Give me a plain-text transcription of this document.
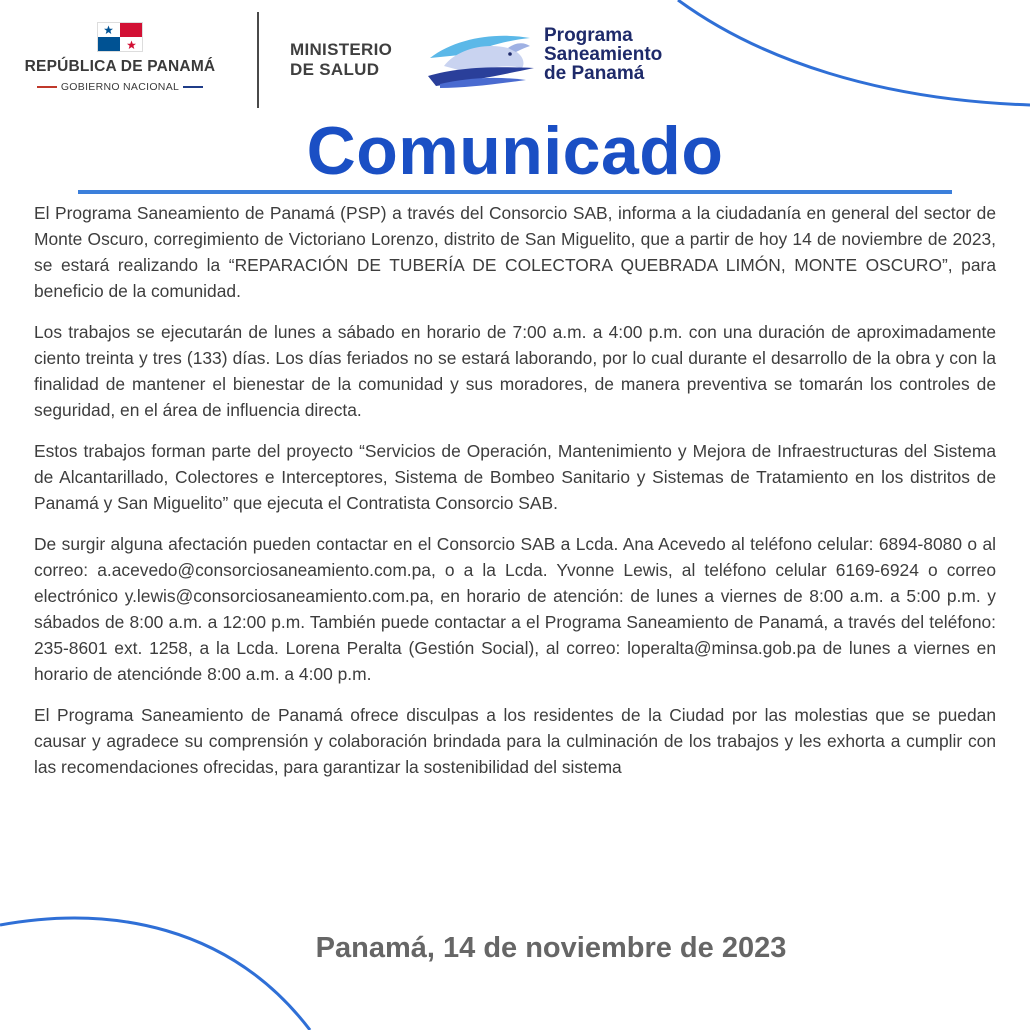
REPÚBLICA DE PANAMÁ
GOBIERNO NACIONAL
MINISTERIO
DE SALUD
Programa
Saneamiento
de Panamá
Comunicado

El Programa Saneamiento de Panamá (PSP) a través del Consorcio SAB, informa a la ciudadanía en general del sector de Monte Oscuro, corregimiento de Victoriano Lorenzo, distrito de San Miguelito, que a partir de hoy 14 de noviembre de 2023, se estará realizando la “REPARACIÓN DE TUBERÍA DE COLECTORA QUEBRADA LIMÓN, MONTE OSCURO”, para beneficio de la comunidad.

Los trabajos se ejecutarán de lunes a sábado en horario de 7:00 a.m. a 4:00 p.m. con una duración de aproximadamente ciento treinta y tres (133) días. Los días feriados no se estará laborando, por lo cual durante el desarrollo de la obra y con la finalidad de mantener el bienestar de la comunidad y sus moradores, de manera preventiva se tomarán los controles de seguridad, en el área de influencia directa.

Estos trabajos forman parte del proyecto “Servicios de Operación, Mantenimiento y Mejora de Infraestructuras del Sistema de Alcantarillado, Colectores e Interceptores, Sistema de Bombeo Sanitario y Sistemas de Tratamiento en los distritos de Panamá y San Miguelito” que ejecuta el Contratista Consorcio SAB.

De surgir alguna afectación pueden contactar en el Consorcio SAB a Lcda. Ana Acevedo al teléfono celular: 6894-8080 o al correo: a.acevedo@consorciosaneamiento.com.pa, o a la Lcda. Yvonne Lewis, al teléfono celular 6169-6924 o correo electrónico y.lewis@consorciosaneamiento.com.pa, en horario de atención: de lunes a viernes de 8:00 a.m. a 5:00 p.m. y sábados de 8:00 a.m. a 12:00 p.m. También puede contactar a el Programa Saneamiento de Panamá, a través del teléfono: 235-8601 ext. 1258, a la Lcda. Lorena Peralta (Gestión Social), al correo: loperalta@minsa.gob.pa de lunes a viernes en horario de atencióndе 8:00 a.m. a 4:00 p.m.

El Programa Saneamiento de Panamá ofrece disculpas a los residentes de la Ciudad por las molestias que se puedan causar y agradece su comprensión y colaboración brindada para la culminación de los trabajos y les exhorta a cumplir con las recomendaciones ofrecidas, para garantizar la sostenibilidad del sistema

Panamá, 14 de noviembre de 2023
